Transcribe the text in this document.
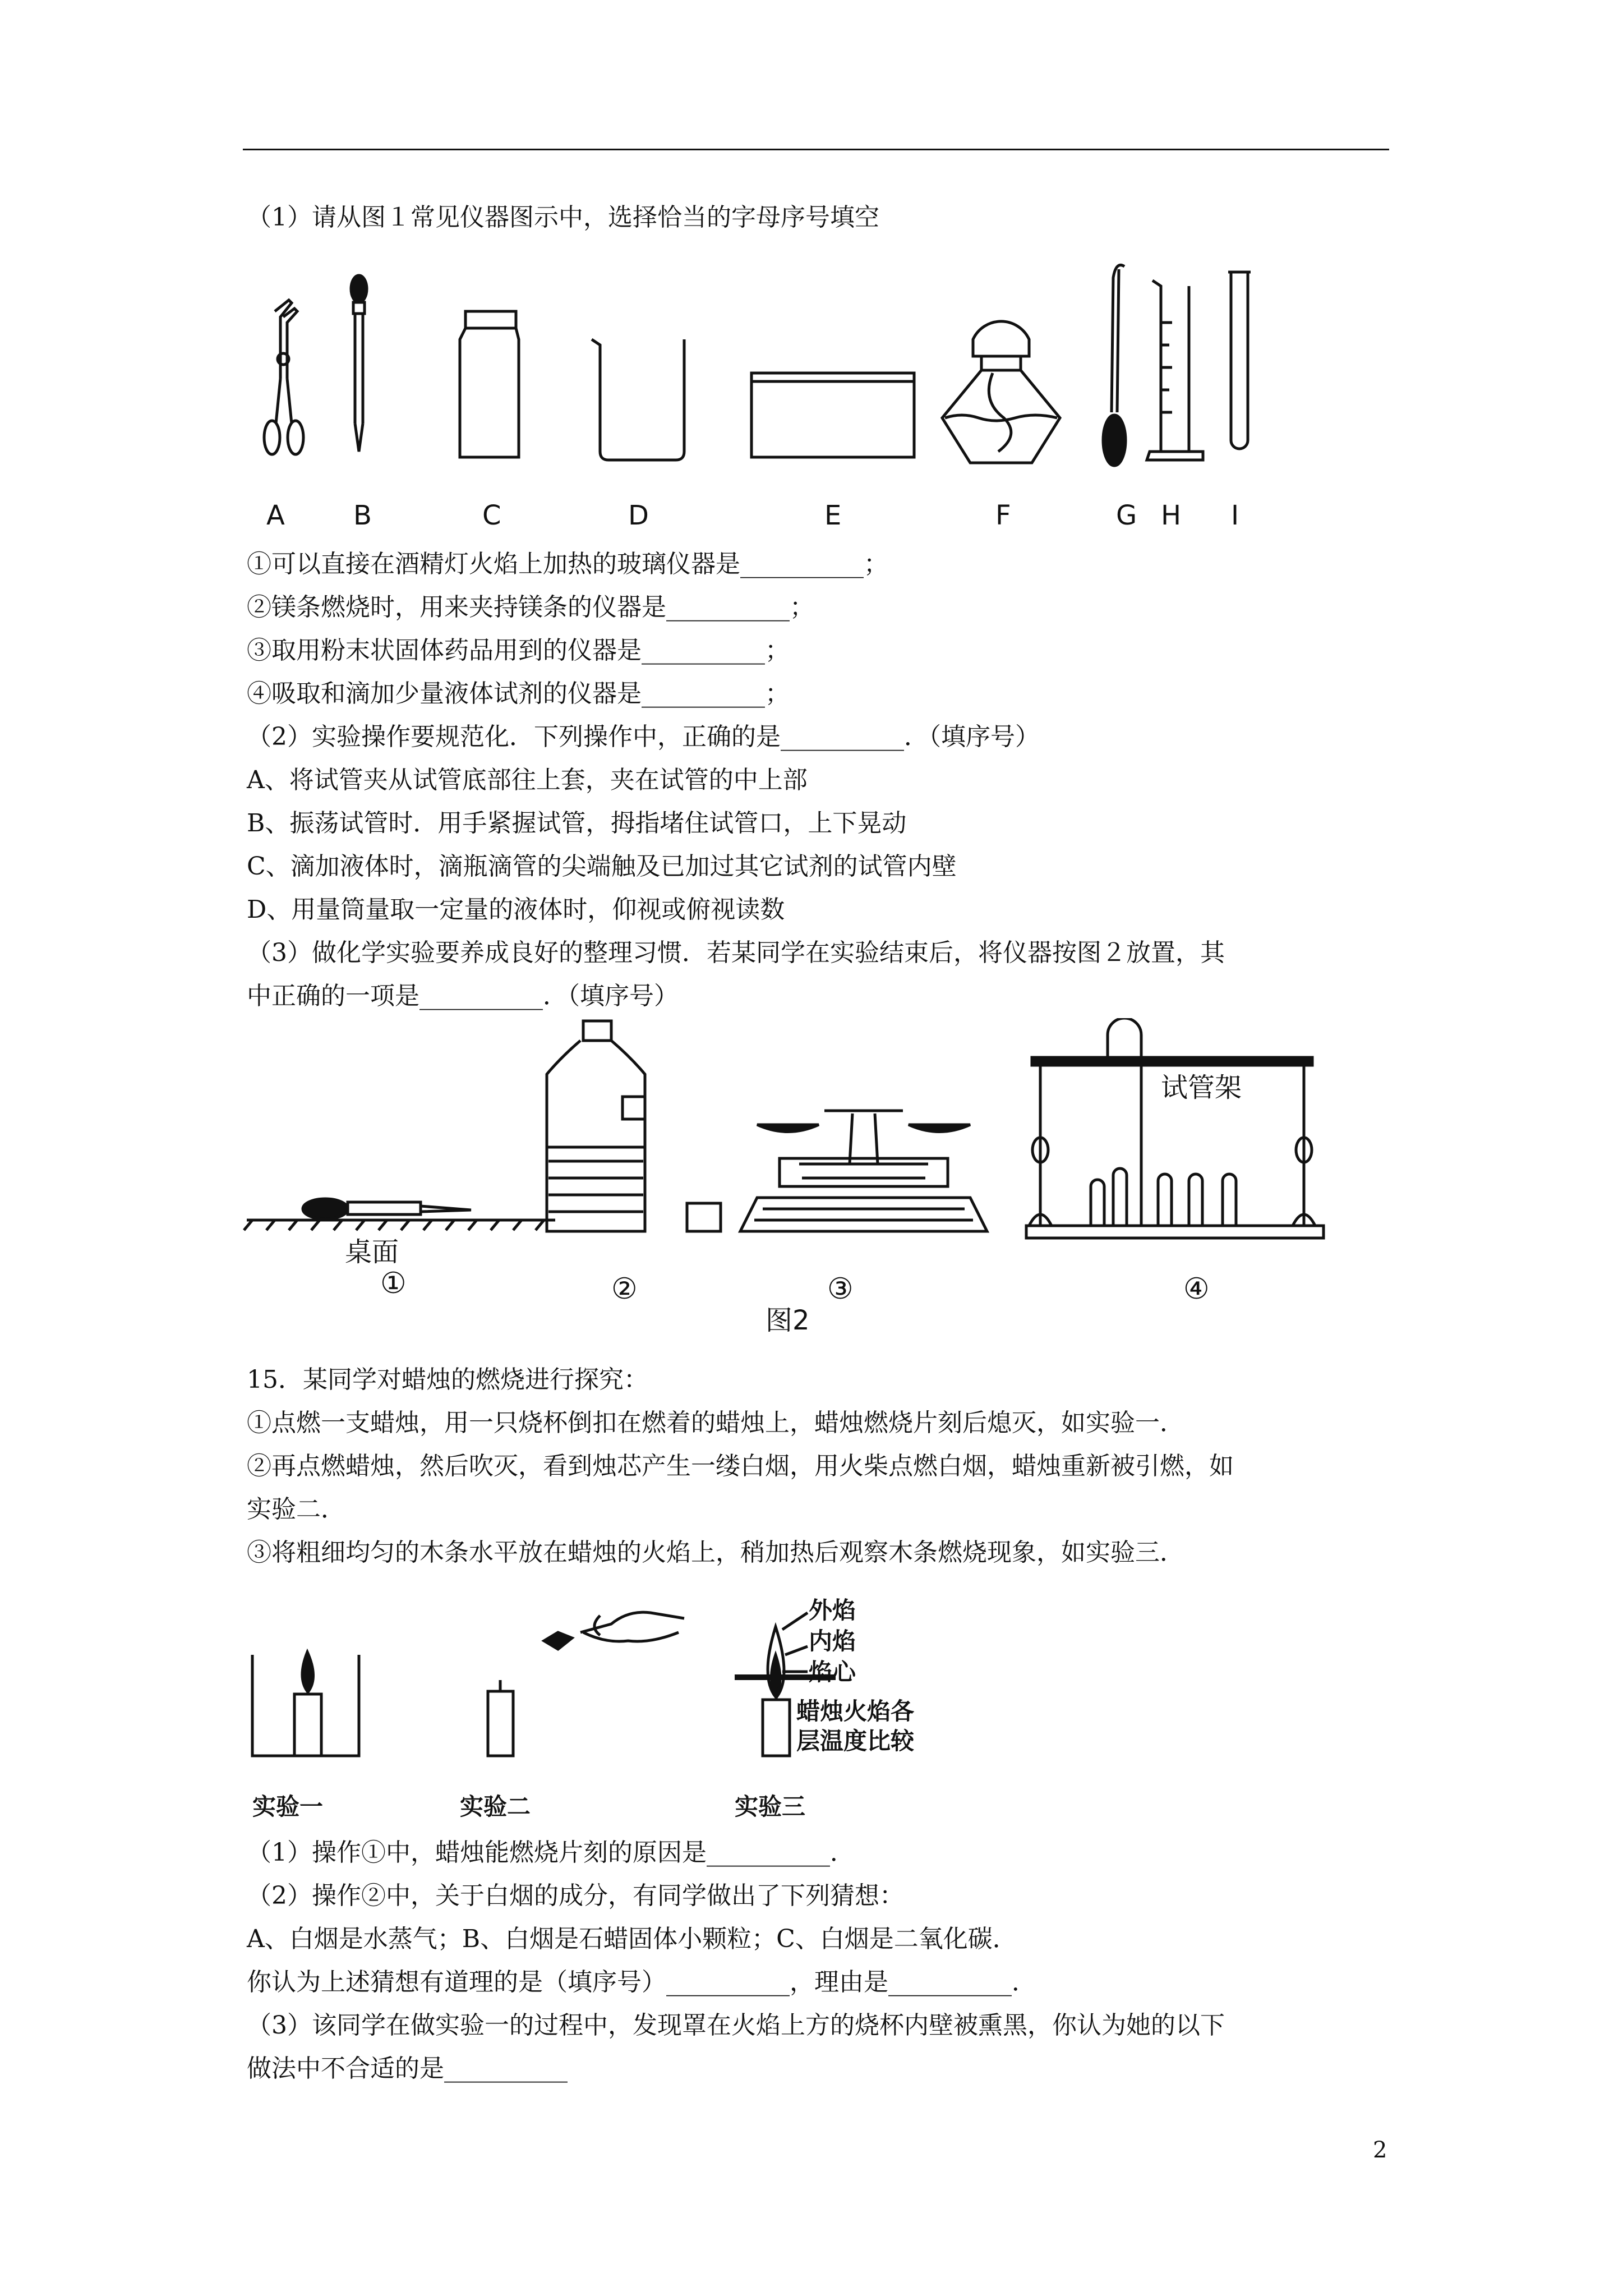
（1）请从图１常见仪器图示中，选择恰当的字母序号填空
A	B	C	D	E	F	G H I
①可以直接在酒精灯火焰上加热的玻璃仪器是__________；
②镁条燃烧时，用来夹持镁条的仪器是__________；
③取用粉末状固体药品用到的仪器是__________；
④吸取和滴加少量液体试剂的仪器是__________；
（2）实验操作要规范化．下列操作中，正确的是__________．（填序号）
A、将试管夹从试管底部往上套，夹在试管的中上部
B、振荡试管时．用手紧握试管，拇指堵住试管口，上下晃动
C、滴加液体时，滴瓶滴管的尖端触及已加过其它试剂的试管内壁
D、用量筒量取一定量的液体时，仰视或俯视读数
（3）做化学实验要养成良好的整理习惯．若某同学在实验结束后，将仪器按图２放置，其
中正确的一项是__________．（填序号）
桌面
试管架
①	②	③	④
图2
15．某同学对蜡烛的燃烧进行探究：
①点燃一支蜡烛，用一只烧杯倒扣在燃着的蜡烛上，蜡烛燃烧片刻后熄灭，如实验一．
②再点燃蜡烛，然后吹灭，看到烛芯产生一缕白烟，用火柴点燃白烟，蜡烛重新被引燃，如
实验二．
③将粗细均匀的木条水平放在蜡烛的火焰上，稍加热后观察木条燃烧现象，如实验三．
外焰
内焰
焰心
蜡烛火焰各
层温度比较
实验一	实验二	实验三
（1）操作①中，蜡烛能燃烧片刻的原因是__________．
（2）操作②中，关于白烟的成分，有同学做出了下列猜想：
A、白烟是水蒸气；B、白烟是石蜡固体小颗粒；C、白烟是二氧化碳．
你认为上述猜想有道理的是（填序号）__________，理由是__________．
（3）该同学在做实验一的过程中，发现罩在火焰上方的烧杯内壁被熏黑，你认为她的以下
做法中不合适的是__________
2
